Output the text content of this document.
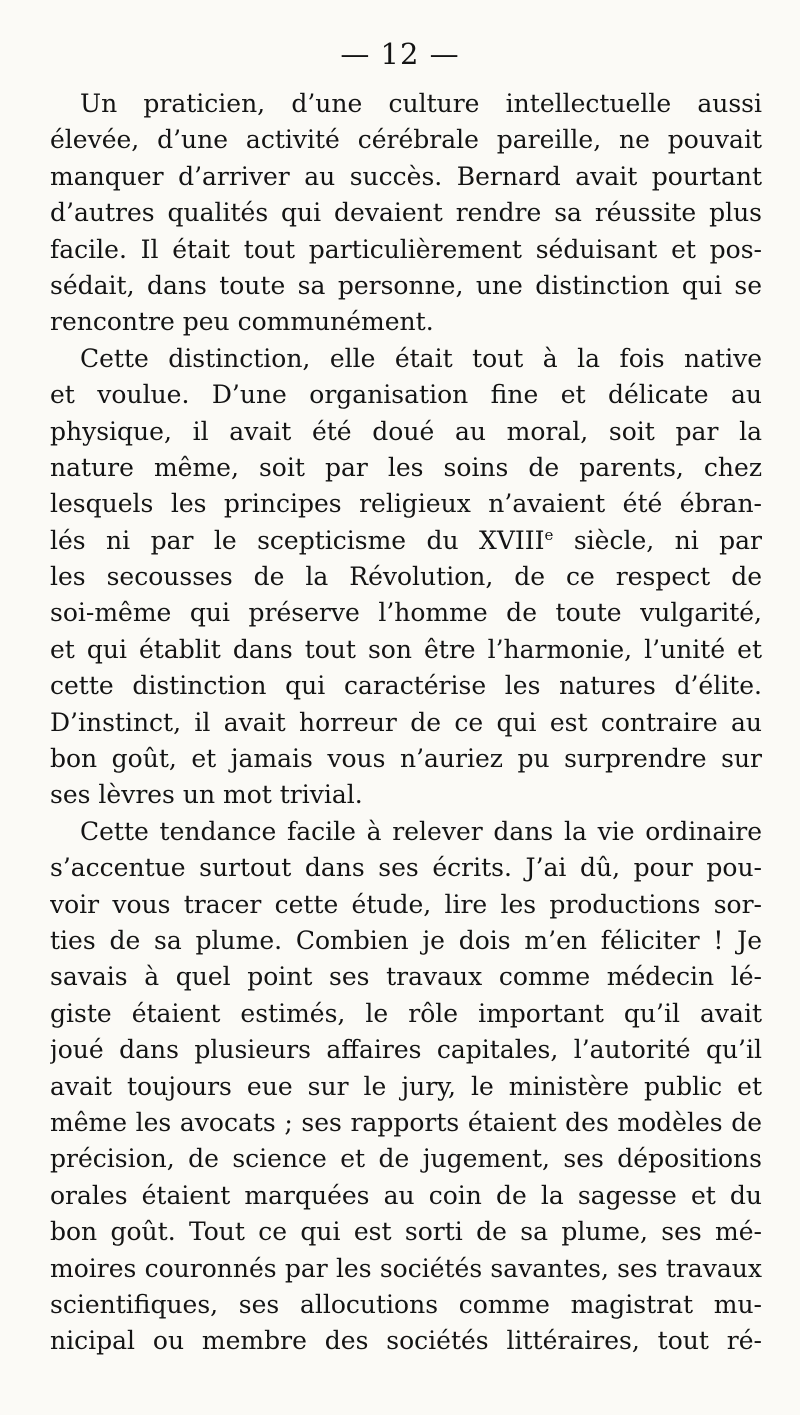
— 12 —
Un praticien, d’une culture intellectuelle aussi
élevée, d’une activité cérébrale pareille, ne pouvait
manquer d’arriver au succès. Bernard avait pourtant
d’autres qualités qui devaient rendre sa réussite plus
facile. Il était tout particulièrement séduisant et pos-
sédait, dans toute sa personne, une distinction qui se
rencontre peu communément.
Cette distinction, elle était tout à la fois native
et voulue. D’une organisation fine et délicate au
physique, il avait été doué au moral, soit par la
nature même, soit par les soins de parents, chez
lesquels les principes religieux n’avaient été ébran-
lés ni par le scepticisme du XVIIIe siècle, ni par
les secousses de la Révolution, de ce respect de
soi-même qui préserve l’homme de toute vulgarité,
et qui établit dans tout son être l’harmonie, l’unité et
cette distinction qui caractérise les natures d’élite.
D’instinct, il avait horreur de ce qui est contraire au
bon goût, et jamais vous n’auriez pu surprendre sur
ses lèvres un mot trivial.
Cette tendance facile à relever dans la vie ordinaire
s’accentue surtout dans ses écrits. J’ai dû, pour pou-
voir vous tracer cette étude, lire les productions sor-
ties de sa plume. Combien je dois m’en féliciter ! Je
savais à quel point ses travaux comme médecin lé-
giste étaient estimés, le rôle important qu’il avait
joué dans plusieurs affaires capitales, l’autorité qu’il
avait toujours eue sur le jury, le ministère public et
même les avocats ; ses rapports étaient des modèles de
précision, de science et de jugement, ses dépositions
orales étaient marquées au coin de la sagesse et du
bon goût. Tout ce qui est sorti de sa plume, ses mé-
moires couronnés par les sociétés savantes, ses travaux
scientifiques, ses allocutions comme magistrat mu-
nicipal ou membre des sociétés littéraires, tout ré-
